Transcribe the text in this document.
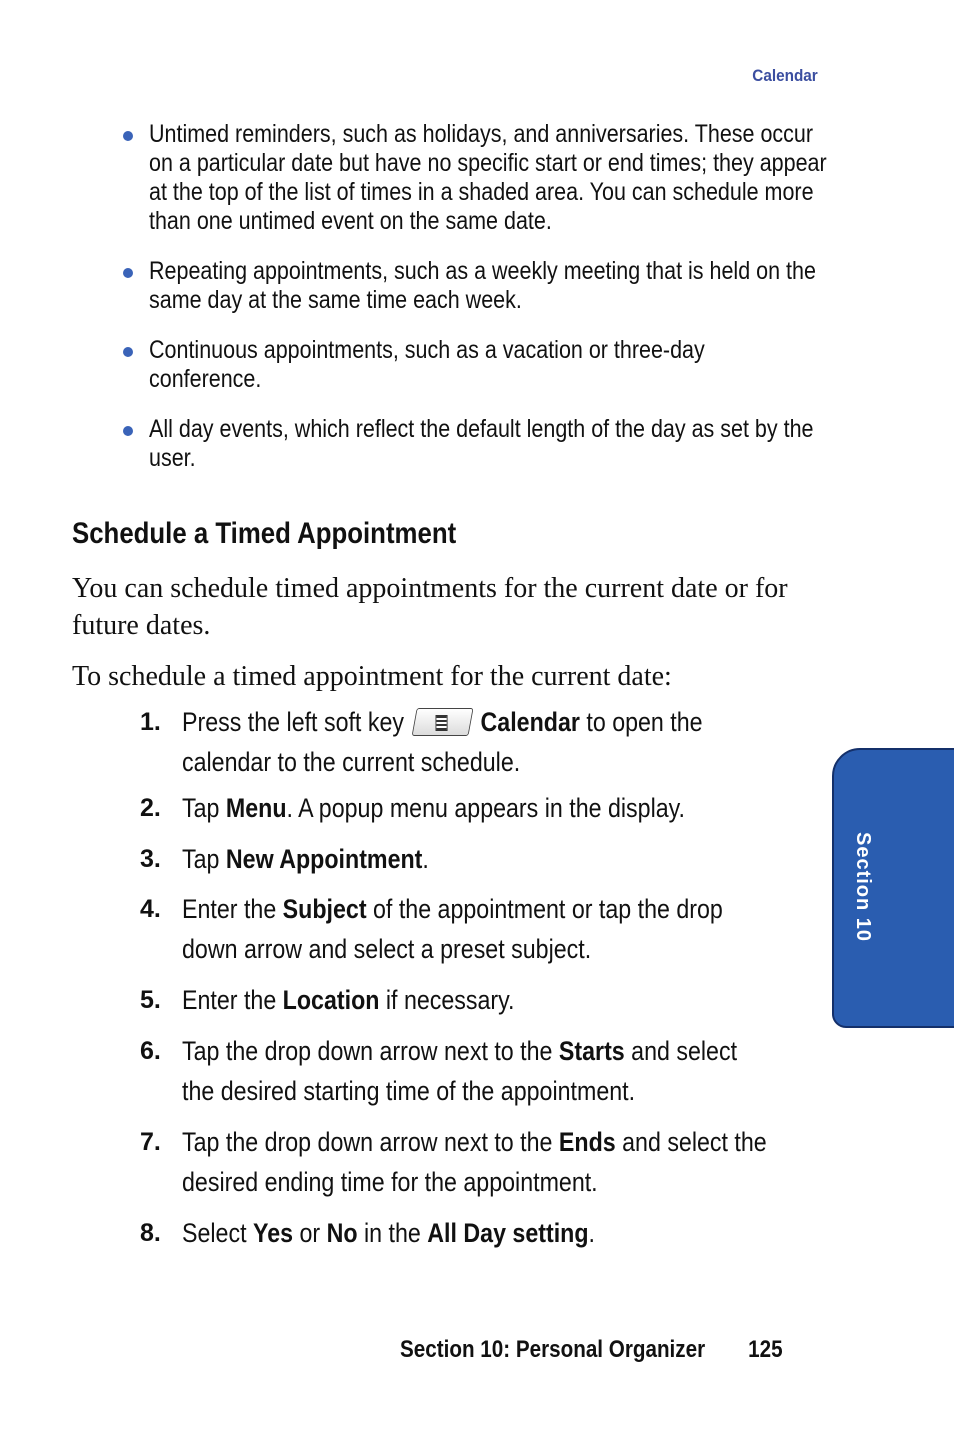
Calendar
Untimed reminders, such as holidays, and anniversaries. These occur on a particular date but have no specific start or end times; they appear at the top of the list of times in a shaded area. You can schedule more than one untimed event on the same date.
Repeating appointments, such as a weekly meeting that is held on the same day at the same time each week.
Continuous appointments, such as a vacation or three-day conference.
All day events, which reflect the default length of the day as set by the user.
Schedule a Timed Appointment

You can schedule timed appointments for the current date or for future dates.

To schedule a timed appointment for the current date:

1. Press the left soft key	Calendar to open the
calendar to the current schedule.
2. Tap Menu. A popup menu appears in the display.
3. Tap New Appointment.
4. Enter the Subject of the appointment or tap the drop
down arrow and select a preset subject.
5. Enter the Location if necessary.
6. Tap the drop down arrow next to the Starts and select
the desired starting time of the appointment.
7. Tap the drop down arrow next to the Ends and select the
desired ending time for the appointment.
8. Select Yes or No in the All Day setting.
Section 10
Section 10: Personal Organizer 125
